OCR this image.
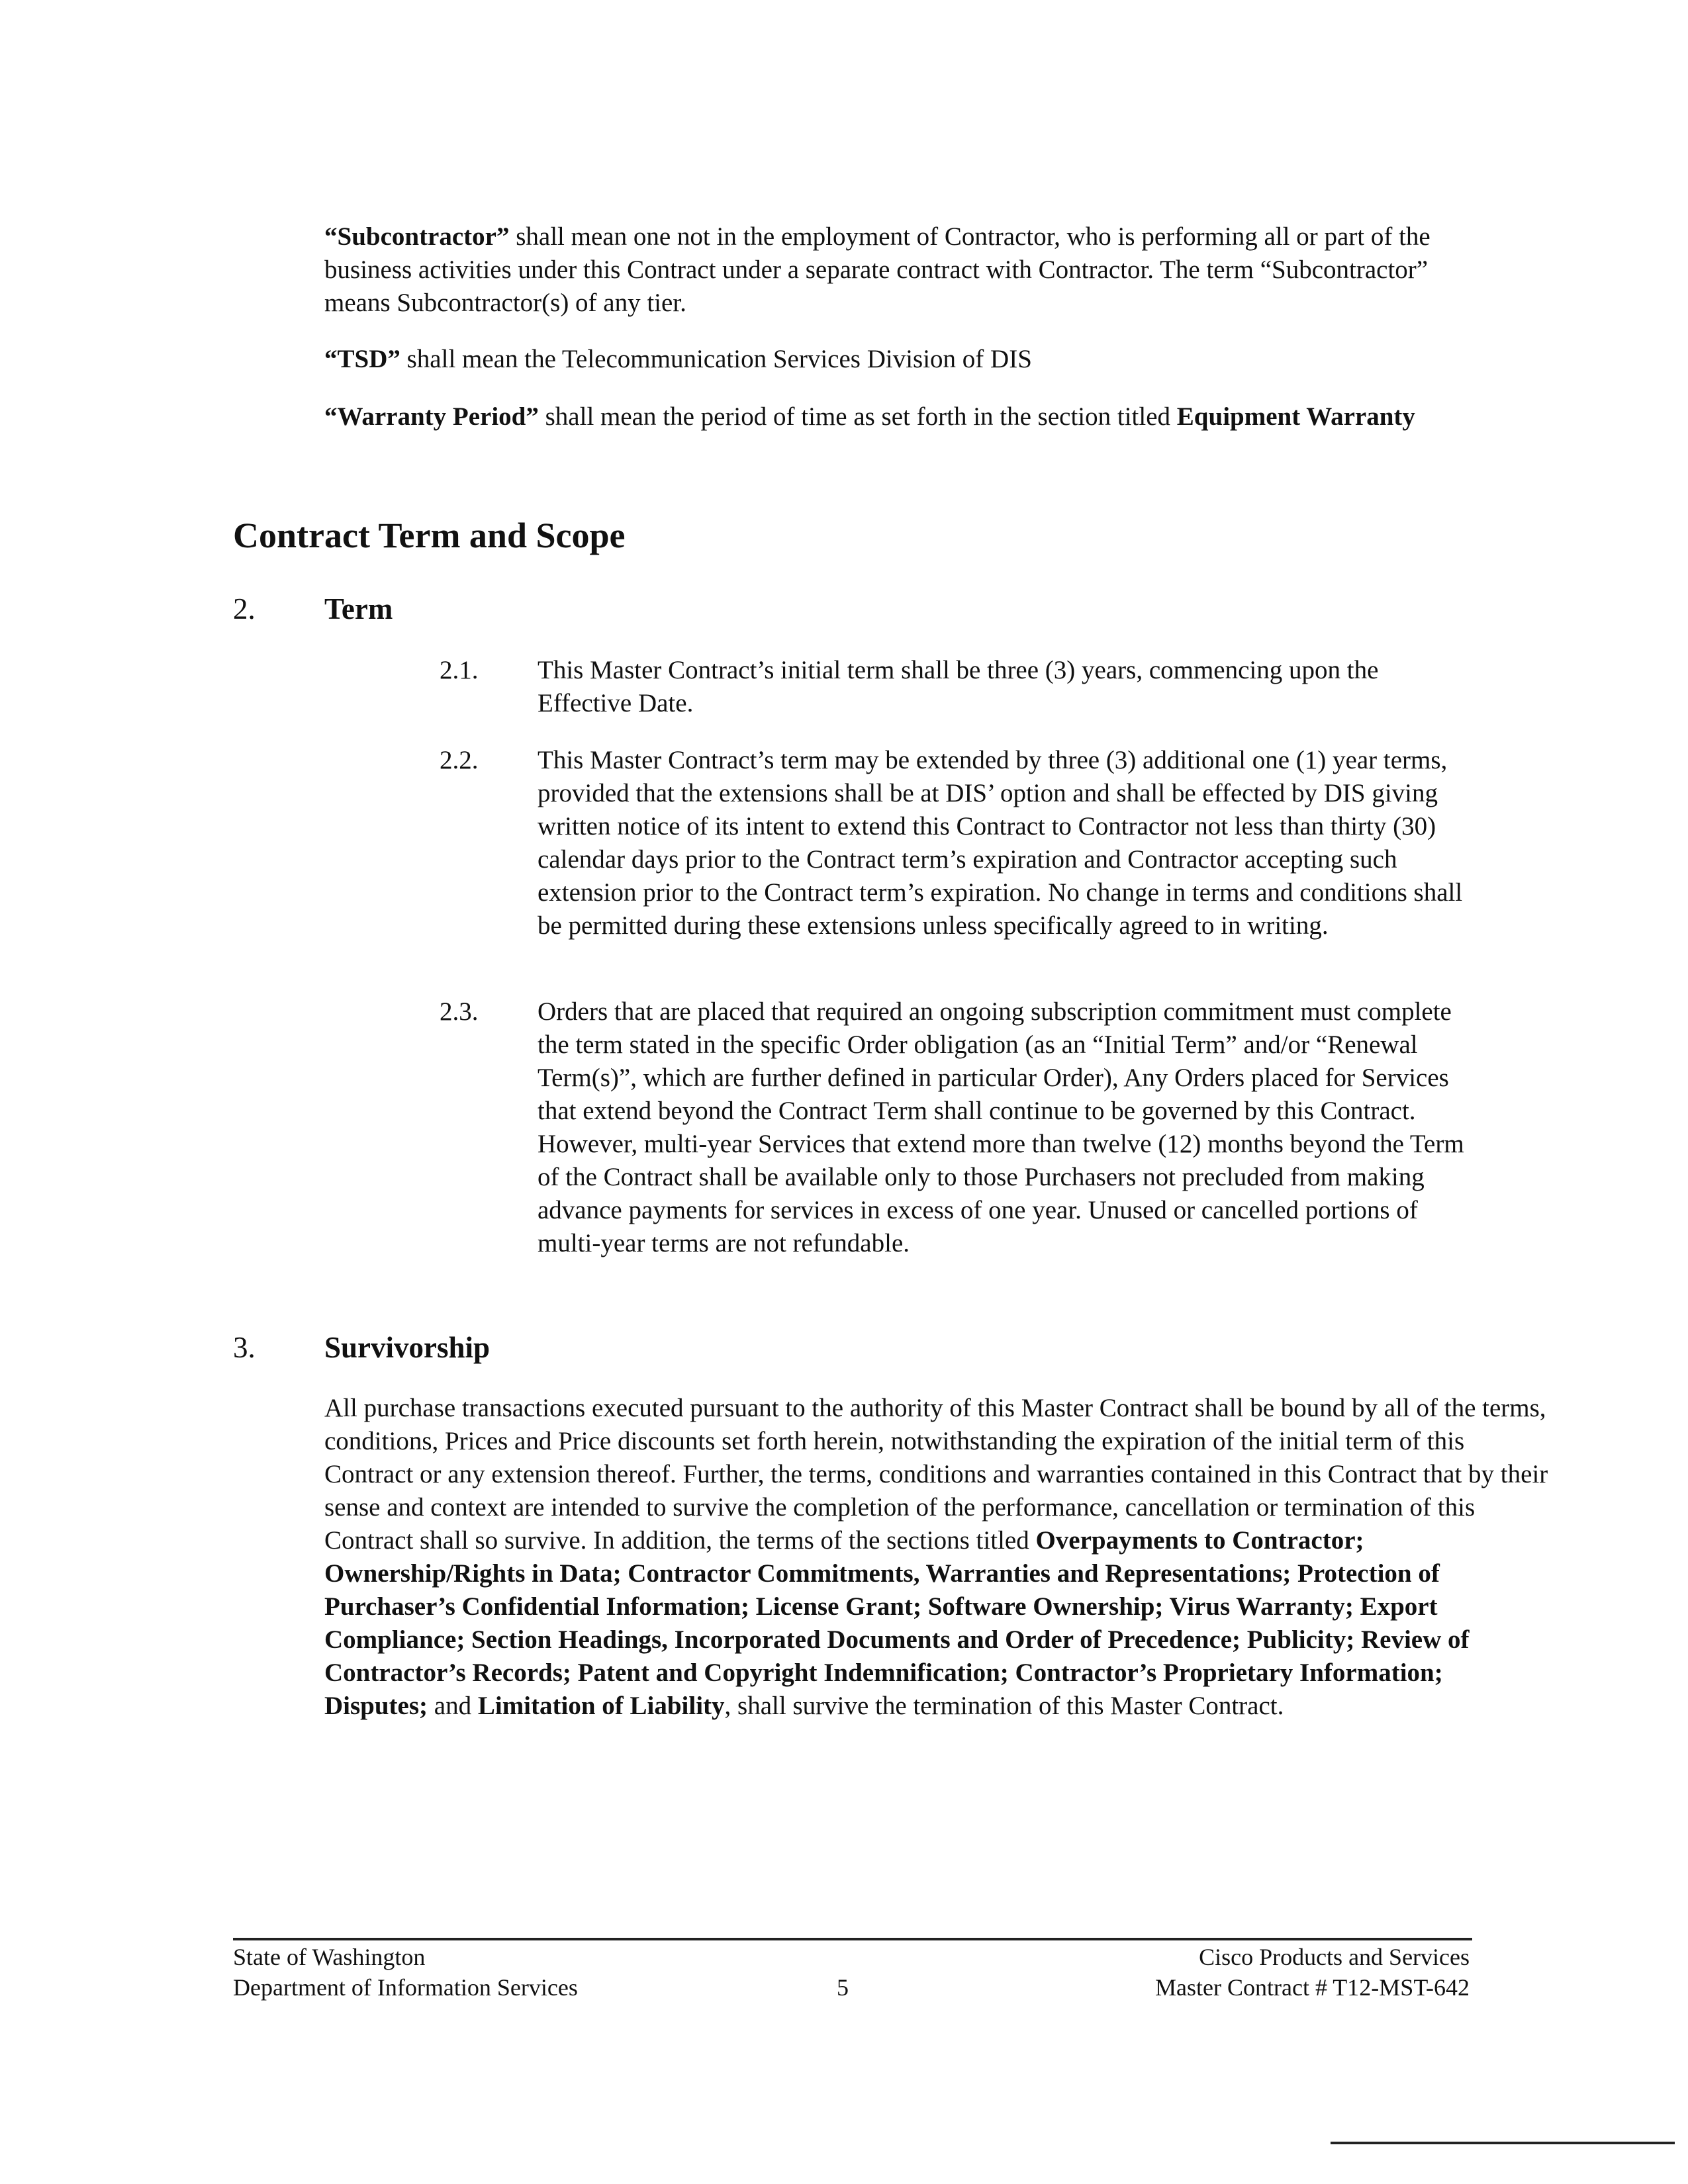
“Subcontractor” shall mean one not in the employment of Contractor, who is performing all or part of the business activities under this Contract under a separate contract with Contractor. The term “Subcontractor” means Subcontractor(s) of any tier.

“TSD” shall mean the Telecommunication Services Division of DIS

“Warranty Period” shall mean the period of time as set forth in the section titled Equipment Warranty

Contract Term and Scope
2. Term
2.1. This Master Contract’s initial term shall be three (3) years, commencing upon the Effective Date.

2.2. This Master Contract’s term may be extended by three (3) additional one (1) year terms, provided that the extensions shall be at DIS’ option and shall be effected by DIS giving written notice of its intent to extend this Contract to Contractor not less than thirty (30) calendar days prior to the Contract term’s expiration and Contractor accepting such extension prior to the Contract term’s expiration. No change in terms and conditions shall be permitted during these extensions unless specifically agreed to in writing.

2.3. Orders that are placed that required an ongoing subscription commitment must complete the term stated in the specific Order obligation (as an “Initial Term” and/or “Renewal Term(s)”, which are further defined in particular Order), Any Orders placed for Services that extend beyond the Contract Term shall continue to be governed by this Contract. However, multi-year Services that extend more than twelve (12) months beyond the Term of the Contract shall be available only to those Purchasers not precluded from making advance payments for services in excess of one year. Unused or cancelled portions of multi-year terms are not refundable.

3. Survivorship

All purchase transactions executed pursuant to the authority of this Master Contract shall be bound by all of the terms, conditions, Prices and Price discounts set forth herein, notwithstanding the expiration of the initial term of this Contract or any extension thereof. Further, the terms, conditions and warranties contained in this Contract that by their sense and context are intended to survive the completion of the performance, cancellation or termination of this Contract shall so survive. In addition, the terms of the sections titled Overpayments to Contractor; Ownership/Rights in Data; Contractor Commitments, Warranties and Representations; Protection of Purchaser’s Confidential Information; License Grant; Software Ownership; Virus Warranty; Export Compliance; Section Headings, Incorporated Documents and Order of Precedence; Publicity; Review of Contractor’s Records; Patent and Copyright Indemnification; Contractor’s Proprietary Information; Disputes; and Limitation of Liability, shall survive the termination of this Master Contract.

State of Washington
Department of Information Services	5
Cisco Products and Services
Master Contract # T12-MST-642
